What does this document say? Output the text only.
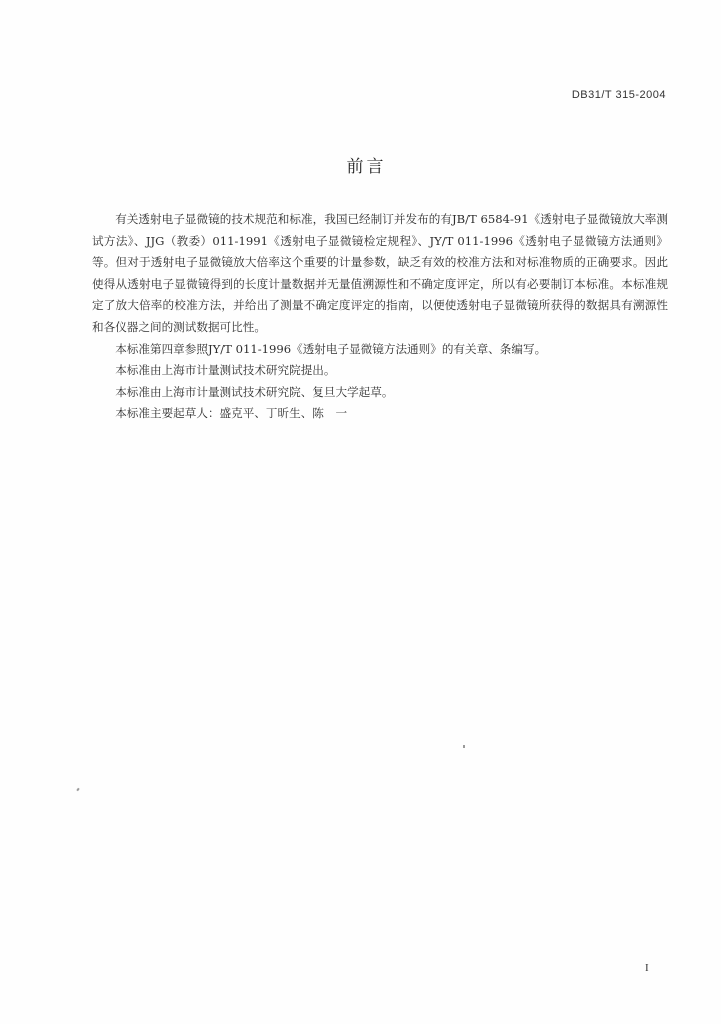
DB31/T 315-2004
前言

有关透射电子显微镜的技术规范和标准，我国已经制订并发布的有JB/T 6584-91《透射电子显微镜放大率测试方法》、JJG（教委）011-1991《透射电子显微镜检定规程》、JY/T 011-1996《透射电子显微镜方法通则》等。但对于透射电子显微镜放大倍率这个重要的计量参数，缺乏有效的校准方法和对标准物质的正确要求。因此使得从透射电子显微镜得到的长度计量数据并无量值溯源性和不确定度评定，所以有必要制订本标准。本标准规定了放大倍率的校准方法，并给出了测量不确定度评定的指南，以便使透射电子显微镜所获得的数据具有溯源性和各仪器之间的测试数据可比性。

本标准第四章参照JY/T 011-1996《透射电子显微镜方法通则》的有关章、条编写。

本标准由上海市计量测试技术研究院提出。

本标准由上海市计量测试技术研究院、复旦大学起草。

本标准主要起草人：盛克平、丁昕生、陈　一

I
